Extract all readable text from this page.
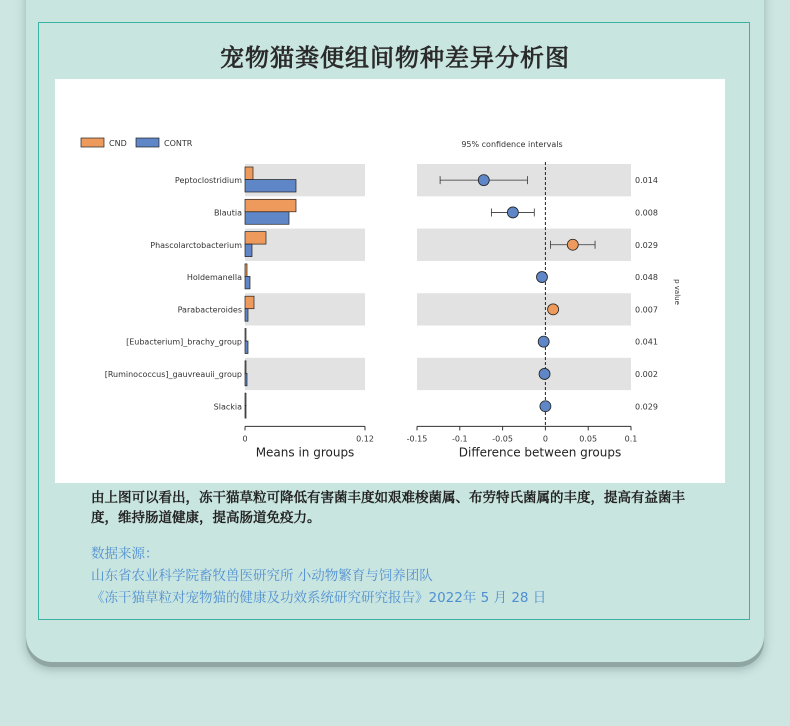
宠物猫粪便组间物种差异分析图
Peptoclostridium
Blautia
Phascolarctobacterium
Holdemanella
Parabacteroides
[Eubacterium]_brachy_group
[Ruminococcus]_gauvreauii_group
Slackia
0	0.12
Means in groups
CND	CONTR	95% confidence intervals
0.014
0.008
0.029
0.048
0.007
0.041
0.002
0.029
-0.15	-0.1	-0.05	0	0.05	0.1
Difference between groups
p value
由上图可以看出，冻干猫草粒可降低有害菌丰度如艰难梭菌属、布劳特氏菌属的丰度，提高有益菌丰度，维持肠道健康，提高肠道免疫力。
数据来源：
山东省农业科学院畜牧兽医研究所 小动物繁育与饲养团队
《冻干猫草粒对宠物猫的健康及功效系统研究研究报告》2022年 5 月 28 日
